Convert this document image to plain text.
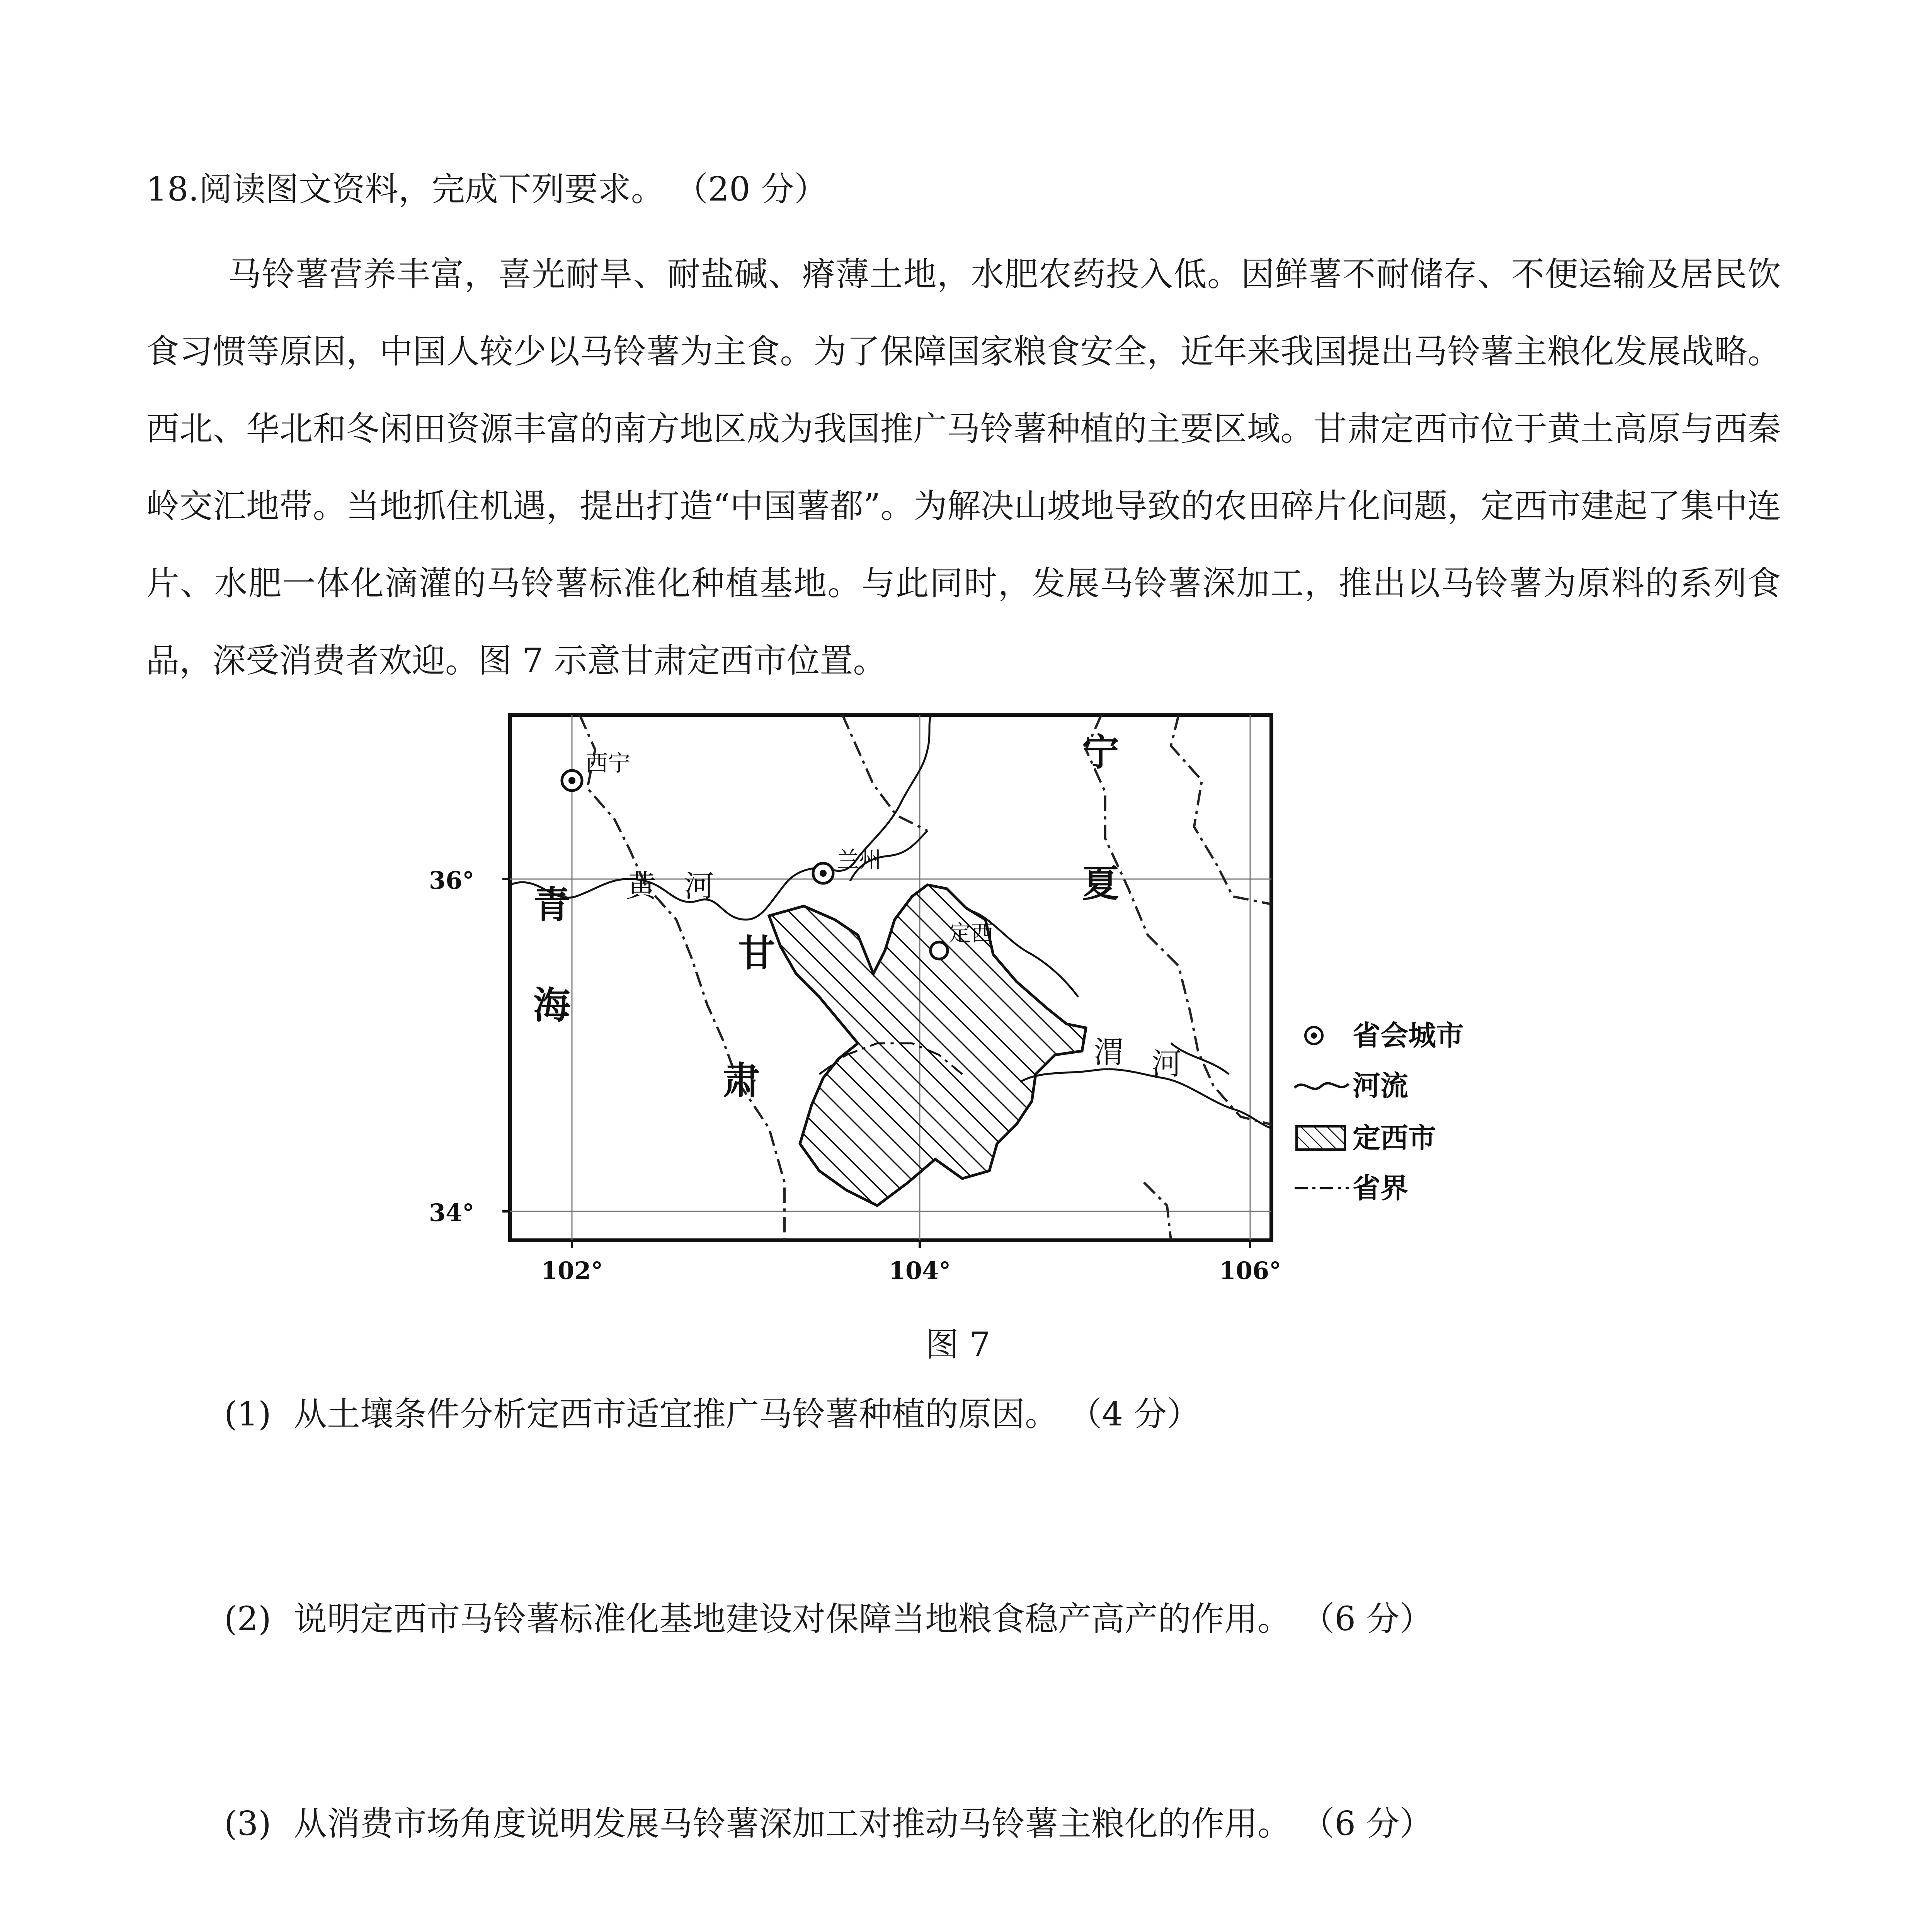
18.阅读图文资料，完成下列要求。 （20 分）
马铃薯营养丰富，喜光耐旱、耐盐碱、瘠薄土地，水肥农药投入低。因鲜薯不耐储存、不便运输及居民饮食习惯等原因，中国人较少以马铃薯为主食。为了保障国家粮食安全，近年来我国提出马铃薯主粮化发展战略。西北、华北和冬闲田资源丰富的南方地区成为我国推广马铃薯种植的主要区域。甘肃定西市位于黄土高原与西秦岭交汇地带。当地抓住机遇，提出打造“中国薯都”。为解决山坡地导致的农田碎片化问题，定西市建起了集中连片、水肥一体化滴灌的马铃薯标准化种植基地。与此同时，发展马铃薯深加工，推出以马铃薯为原料的系列食品，深受消费者欢迎。图 7 示意甘肃定西市位置。
西宁
兰州
定西
青
海
甘
肃
宁
夏
黄 河
渭 河
36°
34°
102°	104°	106°
省会城市
河流
定西市
省界
图 7
(1) 从土壤条件分析定西市适宜推广马铃薯种植的原因。 （4 分）
(2) 说明定西市马铃薯标准化基地建设对保障当地粮食稳产高产的作用。 （6 分）
(3) 从消费市场角度说明发展马铃薯深加工对推动马铃薯主粮化的作用。 （6 分）
